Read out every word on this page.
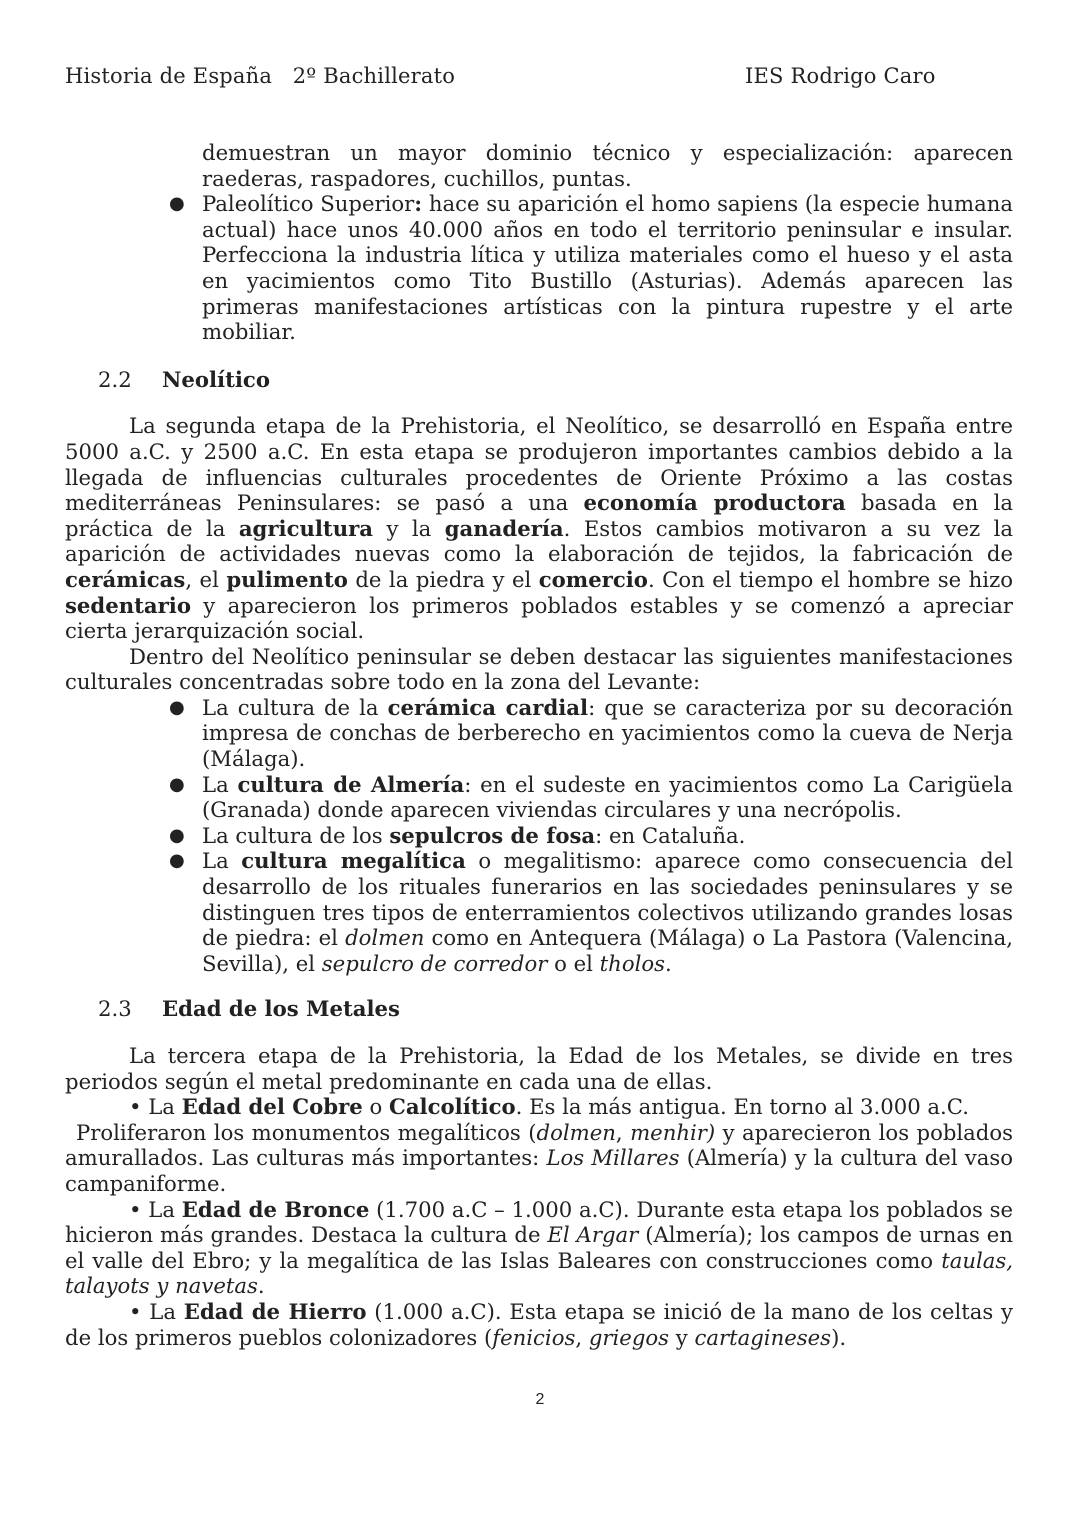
Historia de España   2º Bachillerato	IES Rodrigo Caro
demuestran un mayor dominio técnico y especialización: aparecen raederas, raspadores, cuchillos, puntas.
● Paleolítico Superior: hace su aparición el homo sapiens (la especie humana actual) hace unos 40.000 años en todo el territorio peninsular e insular. Perfecciona la industria lítica y utiliza materiales como el hueso y el asta en yacimientos como Tito Bustillo (Asturias). Además aparecen las primeras manifestaciones artísticas con la pintura rupestre y el arte mobiliar.
2.2 Neolítico

La segunda etapa de la Prehistoria, el Neolítico, se desarrolló en España entre 5000 a.C. y 2500 a.C. En esta etapa se produjeron importantes cambios debido a la llegada de influencias culturales procedentes de Oriente Próximo a las costas mediterráneas Peninsulares: se pasó a una economía productora basada en la práctica de la agricultura y la ganadería. Estos cambios motivaron a su vez la aparición de actividades nuevas como la elaboración de tejidos, la fabricación de cerámicas, el pulimento de la piedra y el comercio. Con el tiempo el hombre se hizo sedentario y aparecieron los primeros poblados estables y se comenzó a apreciar cierta jerarquización social.

Dentro del Neolítico peninsular se deben destacar las siguientes manifestaciones culturales concentradas sobre todo en la zona del Levante:

● La cultura de la cerámica cardial: que se caracteriza por su decoración impresa de conchas de berberecho en yacimientos como la cueva de Nerja (Málaga).
● La cultura de Almería: en el sudeste en yacimientos como La Carigüela (Granada) donde aparecen viviendas circulares y una necrópolis.
● La cultura de los sepulcros de fosa: en Cataluña.
● La cultura megalítica o megalitismo: aparece como consecuencia del desarrollo de los rituales funerarios en las sociedades peninsulares y se distinguen tres tipos de enterramientos colectivos utilizando grandes losas de piedra: el dolmen como en Antequera (Málaga) o La Pastora (Valencina, Sevilla), el sepulcro de corredor o el tholos.
2.3 Edad de los Metales

La tercera etapa de la Prehistoria, la Edad de los Metales, se divide en tres periodos según el metal predominante en cada una de ellas.

• La Edad del Cobre o Calcolítico. Es la más antigua. En torno al 3.000 a.C.

Proliferaron los monumentos megalíticos (dolmen, menhir) y aparecieron los poblados amurallados. Las culturas más importantes: Los Millares (Almería) y la cultura del vaso campaniforme.

• La Edad de Bronce (1.700 a.C – 1.000 a.C). Durante esta etapa los poblados se hicieron más grandes. Destaca la cultura de El Argar (Almería); los campos de urnas en el valle del Ebro; y la megalítica de las Islas Baleares con construcciones como taulas, talayots y navetas.

• La Edad de Hierro (1.000 a.C). Esta etapa se inició de la mano de los celtas y de los primeros pueblos colonizadores (fenicios, griegos y cartagineses).

2
